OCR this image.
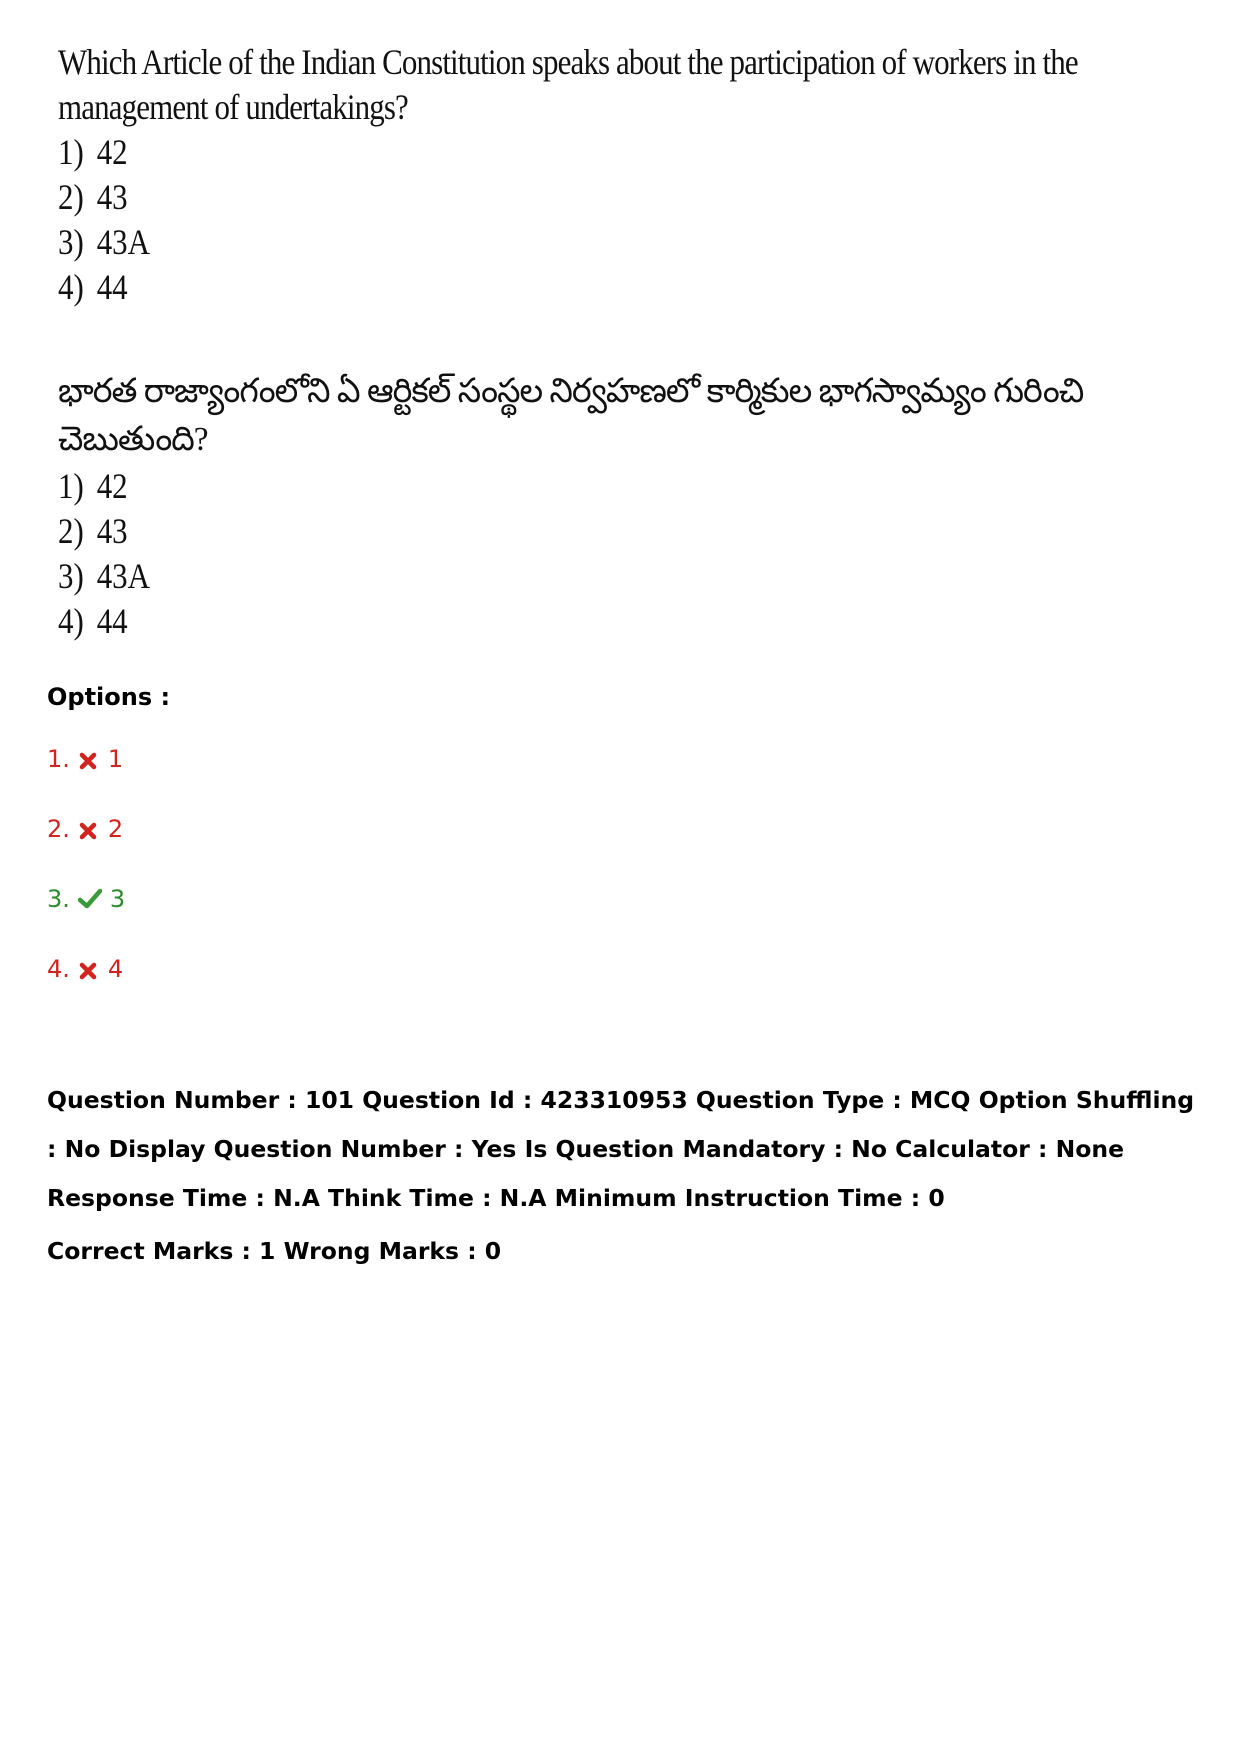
Which Article of the Indian Constitution speaks about the participation of workers in the
management of undertakings?
1) 42
2) 43
3) 43A
4) 44
భారత రాజ్యాంగంలోని ఏ ఆర్టికల్ సంస్థల నిర్వహణలో కార్మికుల భాగస్వామ్యం గురించి
చెబుతుంది?
1) 42
2) 43
3) 43A
4) 44
Options :
1. 1
2. 2
3. 3
4. 4

Question Number : 101 Question Id : 423310953 Question Type : MCQ Option Shuffling : No Display Question Number : Yes Is Question Mandatory : No Calculator : None Response Time : N.A Think Time : N.A Minimum Instruction Time : 0

Correct Marks : 1 Wrong Marks : 0
